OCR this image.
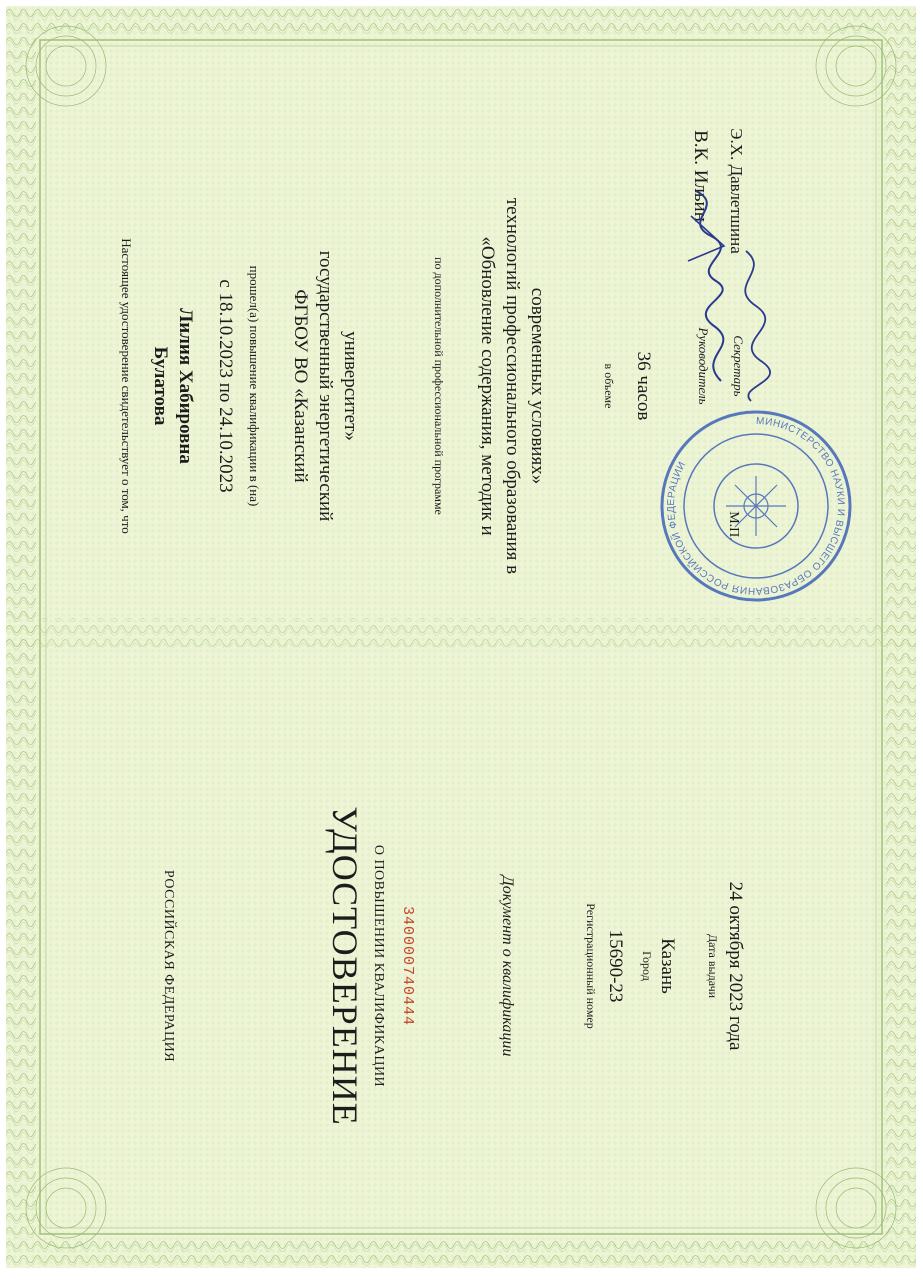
РОССИЙСКАЯ ФЕДЕРАЦИЯ	УДОСТОВЕРЕНИЕ О ПОВЫШЕНИИ КВАЛИФИКАЦИИ 340000740444	Документ о квалификации	Регистрационный номер 15690-23 Город Казань Дата выдачи 24 октября 2023 года
Настоящее удостоверение свидетельствует о том, что Булатова Лилия Хабировна с 18.10.2023 по 24.10.2023 прошел(а) повышение квалификации в (на) ФГБОУ ВО «Казанский государственный энергетический университет»	по дополнительной профессиональной программе «Обновление содержания, методик и технологий профессионального образования в современных условиях»	в объеме 36 часов	Руководитель
В.К. Ильин
Секретарь
Э.Х. Давлетшина
М.П.
МИНИСТЕРСТВО НАУКИ И ВЫСШЕГО ОБРАЗОВАНИЯ РОССИЙСКОЙ ФЕДЕРАЦИИ
